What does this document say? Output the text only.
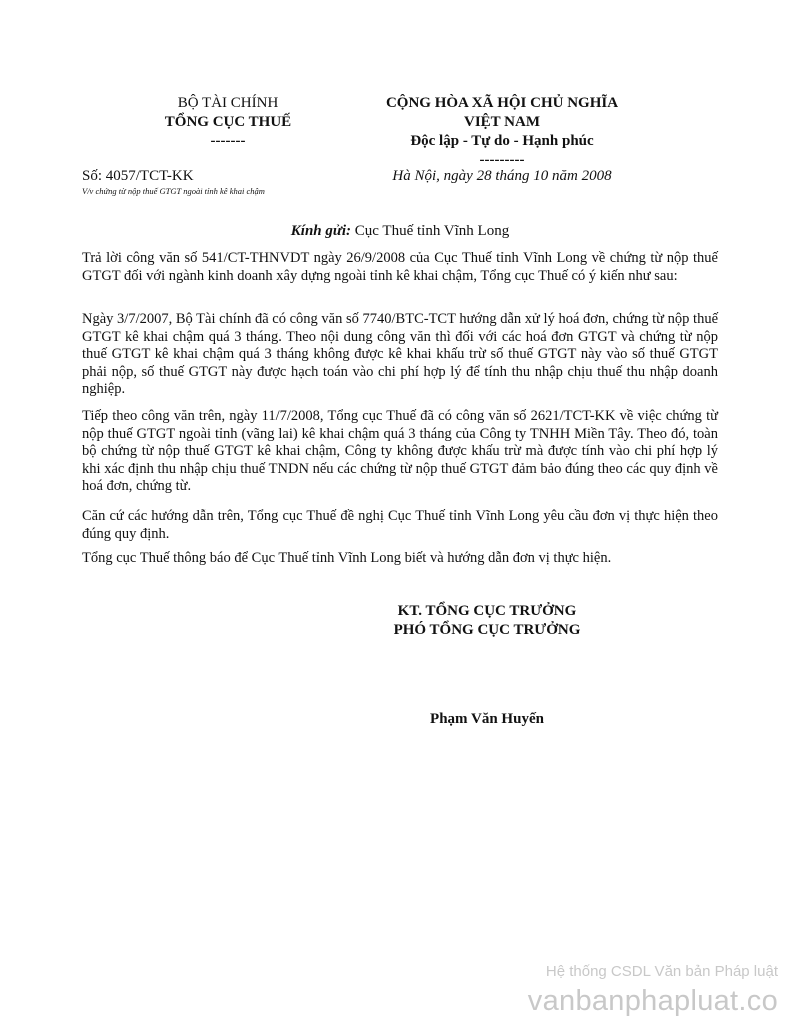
BỘ TÀI CHÍNH
TỔNG CỤC THUẾ
-------
CỘNG HÒA XÃ HỘI CHỦ NGHĨA
VIỆT NAM
Độc lập - Tự do - Hạnh phúc
---------
Số: 4057/TCT-KK
V/v chứng từ nộp thuế GTGT ngoài tỉnh kê khai chậm
Hà Nội, ngày 28 tháng 10 năm 2008
Kính gửi: Cục Thuế tỉnh Vĩnh Long
Trả lời công văn số 541/CT-THNVDT ngày 26/9/2008 của Cục Thuế tỉnh Vĩnh Long về chứng từ nộp thuế GTGT đối với ngành kinh doanh xây dựng ngoài tỉnh kê khai chậm, Tổng cục Thuế có ý kiến như sau:
Ngày 3/7/2007, Bộ Tài chính đã có công văn số 7740/BTC-TCT hướng dẫn xử lý hoá đơn, chứng từ nộp thuế GTGT kê khai chậm quá 3 tháng. Theo nội dung công văn thì đối với các hoá đơn GTGT và chứng từ nộp thuế GTGT kê khai chậm quá 3 tháng không được kê khai khấu trừ số thuế GTGT này vào số thuế GTGT phải nộp, số thuế GTGT này được hạch toán vào chi phí hợp lý để tính thu nhập chịu thuế thu nhập doanh nghiệp.
Tiếp theo công văn trên, ngày 11/7/2008, Tổng cục Thuế đã có công văn số 2621/TCT-KK về việc chứng từ nộp thuế GTGT ngoài tỉnh (vãng lai) kê khai chậm quá 3 tháng của Công ty TNHH Miền Tây. Theo đó, toàn bộ chứng từ nộp thuế GTGT kê khai chậm, Công ty không được khấu trừ mà được tính vào chi phí hợp lý khi xác định thu nhập chịu thuế TNDN nếu các chứng từ nộp thuế GTGT đảm bảo đúng theo các quy định về hoá đơn, chứng từ.
Căn cứ các hướng dẫn trên, Tổng cục Thuế đề nghị Cục Thuế tỉnh Vĩnh Long yêu cầu đơn vị thực hiện theo đúng quy định.
Tổng cục Thuế thông báo để Cục Thuế tỉnh Vĩnh Long biết và hướng dẫn đơn vị thực hiện.
KT. TỔNG CỤC TRƯỞNG
PHÓ TỔNG CỤC TRƯỞNG
Phạm Văn Huyến
Hệ thống CSDL Văn bản Pháp luật
vanbanphapluat.co
